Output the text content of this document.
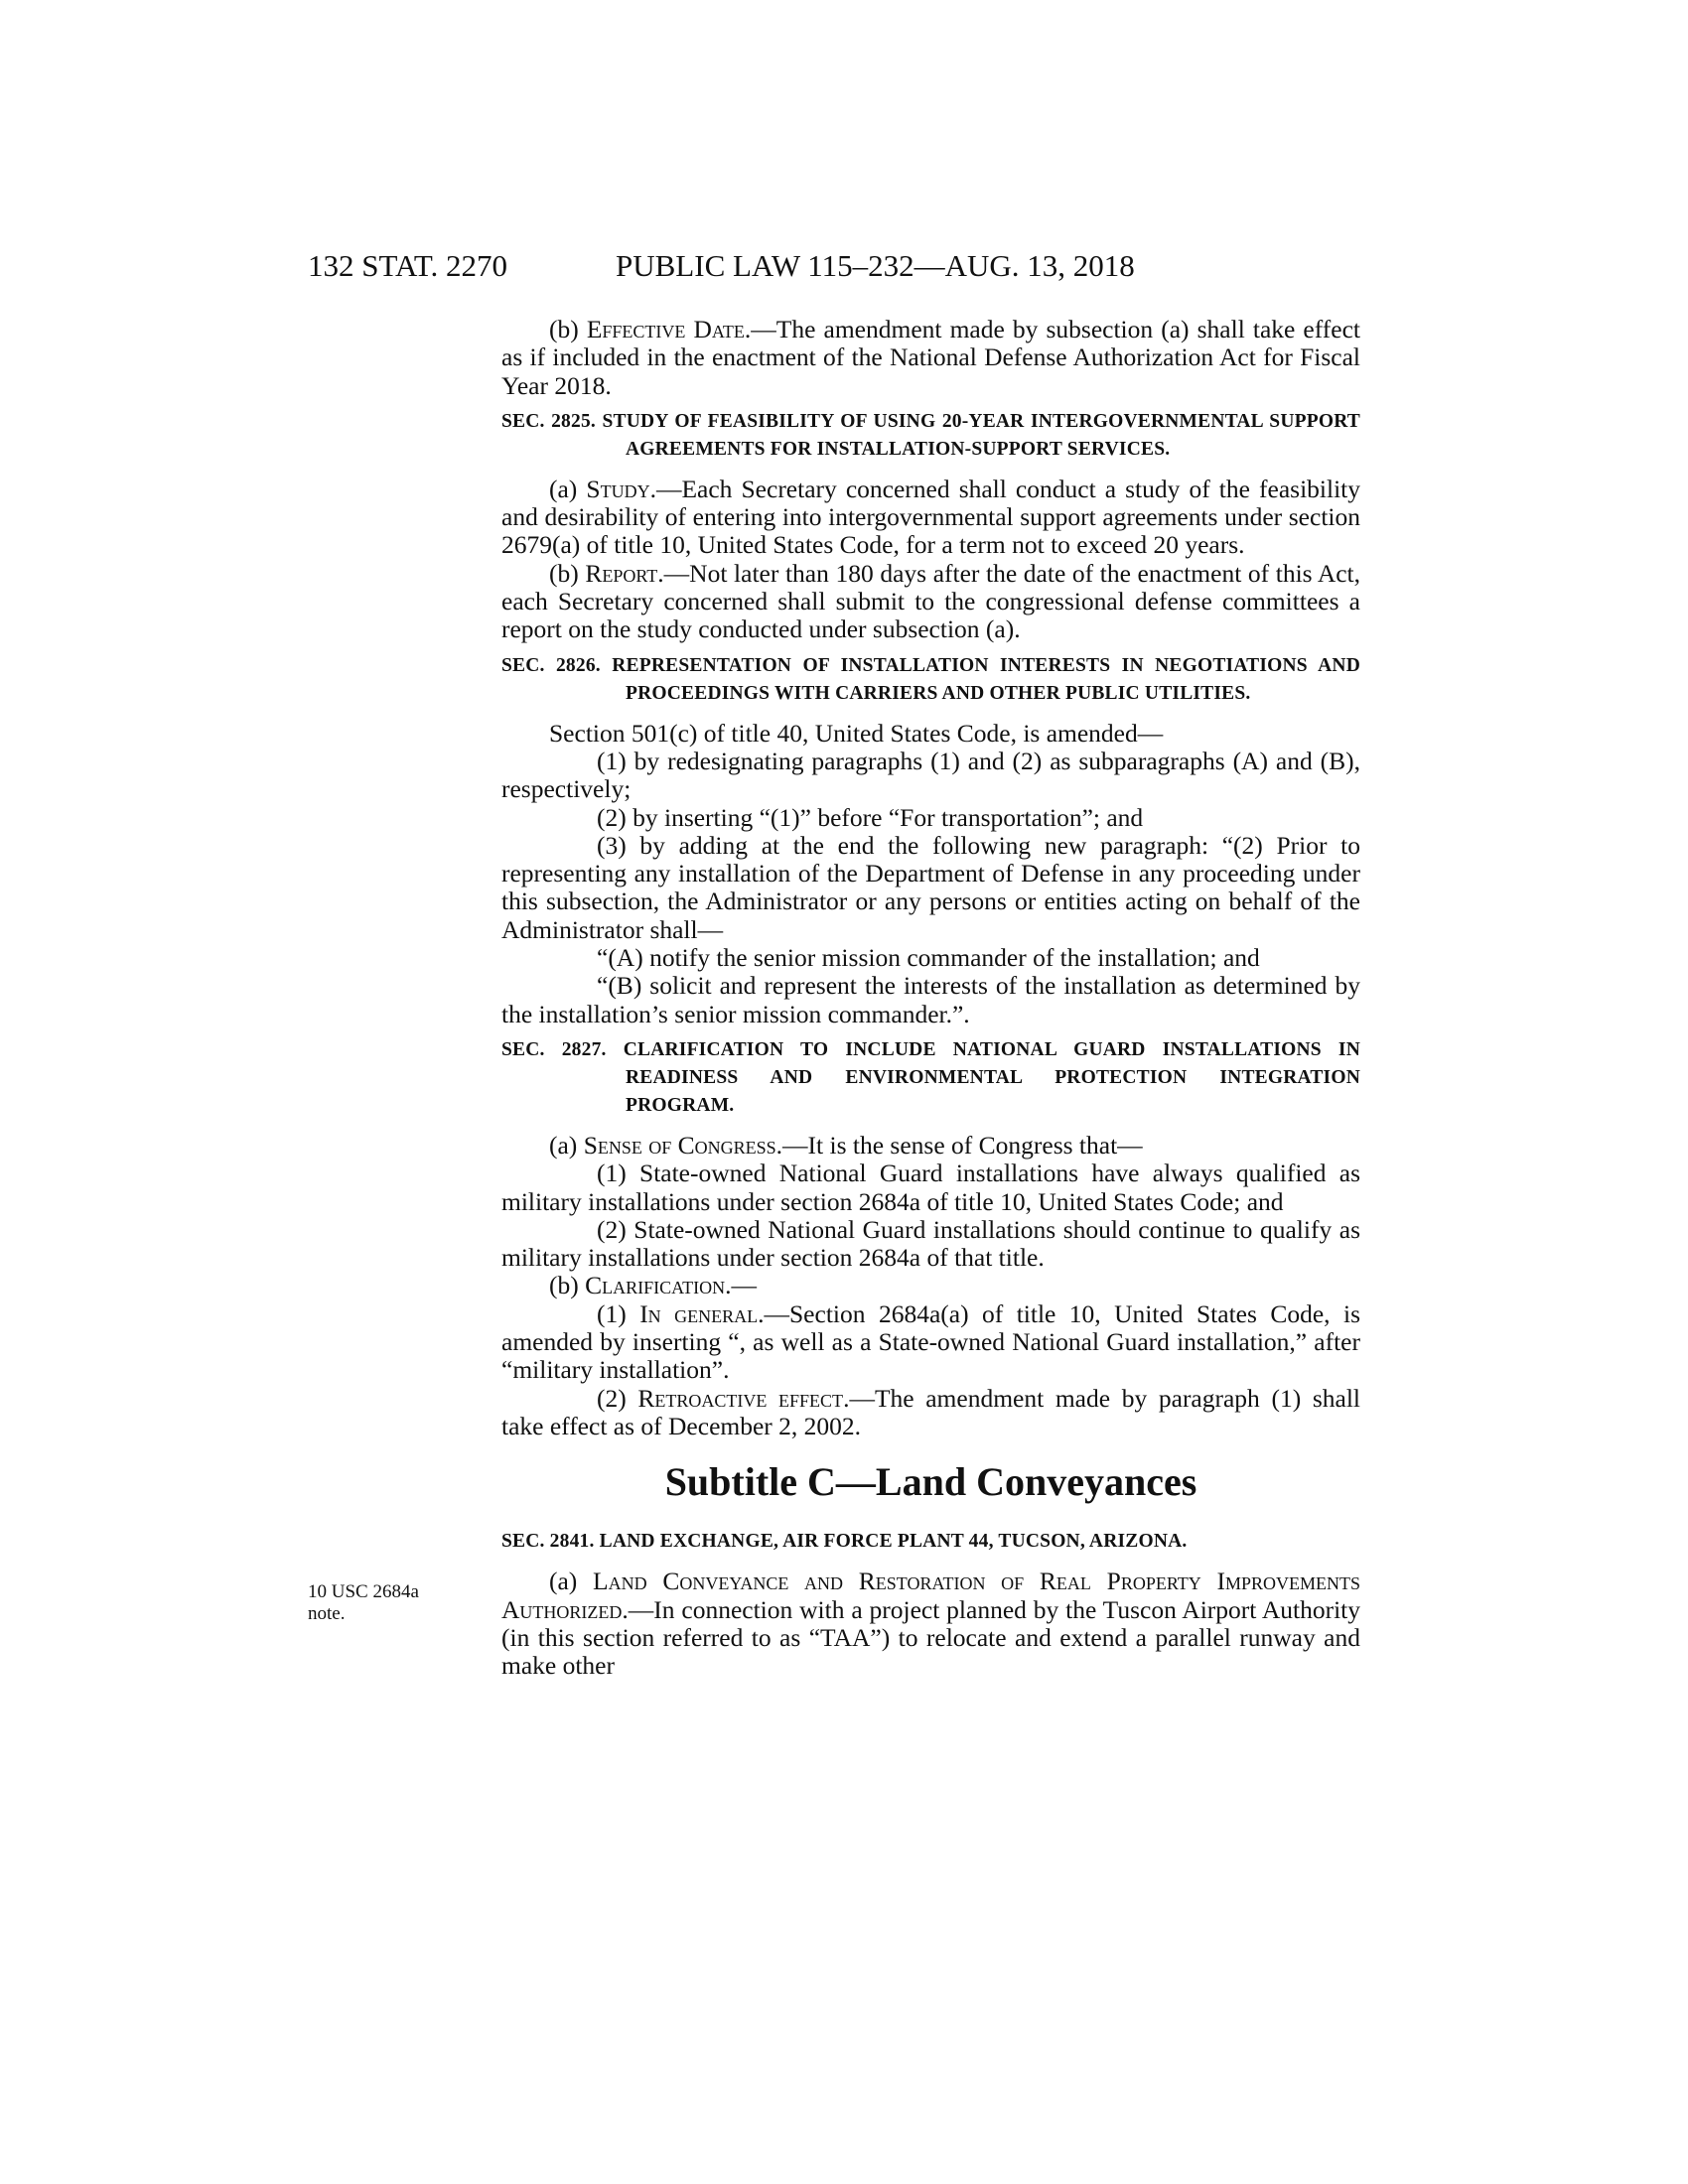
132 STAT. 2270	PUBLIC LAW 115–232—AUG. 13, 2018
10 USC 2684a
note.

(b) Effective Date.—The amendment made by subsection (a) shall take effect as if included in the enactment of the National Defense Authorization Act for Fiscal Year 2018.

SEC. 2825. STUDY OF FEASIBILITY OF USING 20-YEAR INTERGOVERNMENTAL SUPPORT AGREEMENTS FOR INSTALLATION-SUPPORT SERVICES.

(a) Study.—Each Secretary concerned shall conduct a study of the feasibility and desirability of entering into intergovernmental support agreements under section 2679(a) of title 10, United States Code, for a term not to exceed 20 years.

(b) Report.—Not later than 180 days after the date of the enactment of this Act, each Secretary concerned shall submit to the congressional defense committees a report on the study conducted under subsection (a).

SEC. 2826. REPRESENTATION OF INSTALLATION INTERESTS IN NEGOTIATIONS AND PROCEEDINGS WITH CARRIERS AND OTHER PUBLIC UTILITIES.

Section 501(c) of title 40, United States Code, is amended—

(1) by redesignating paragraphs (1) and (2) as subparagraphs (A) and (B), respectively;

(2) by inserting “(1)” before “For transportation”; and

(3) by adding at the end the following new paragraph: “(2) Prior to representing any installation of the Department of Defense in any proceeding under this subsection, the Administrator or any persons or entities acting on behalf of the Administrator shall—

“(A) notify the senior mission commander of the installation; and

“(B) solicit and represent the interests of the installation as determined by the installation’s senior mission commander.”.

SEC. 2827. CLARIFICATION TO INCLUDE NATIONAL GUARD INSTALLATIONS IN READINESS AND ENVIRONMENTAL PROTECTION INTEGRATION PROGRAM.

(a) Sense of Congress.—It is the sense of Congress that—

(1) State-owned National Guard installations have always qualified as military installations under section 2684a of title 10, United States Code; and

(2) State-owned National Guard installations should continue to qualify as military installations under section 2684a of that title.

(b) Clarification.—

(1) In general.—Section 2684a(a) of title 10, United States Code, is amended by inserting “, as well as a State-owned National Guard installation,” after “military installation”.

(2) Retroactive effect.—The amendment made by paragraph (1) shall take effect as of December 2, 2002.

Subtitle C—Land Conveyances

SEC. 2841. LAND EXCHANGE, AIR FORCE PLANT 44, TUCSON, ARIZONA.

(a) Land Conveyance and Restoration of Real Property Improvements Authorized.—In connection with a project planned by the Tuscon Airport Authority (in this section referred to as “TAA”) to relocate and extend a parallel runway and make other
